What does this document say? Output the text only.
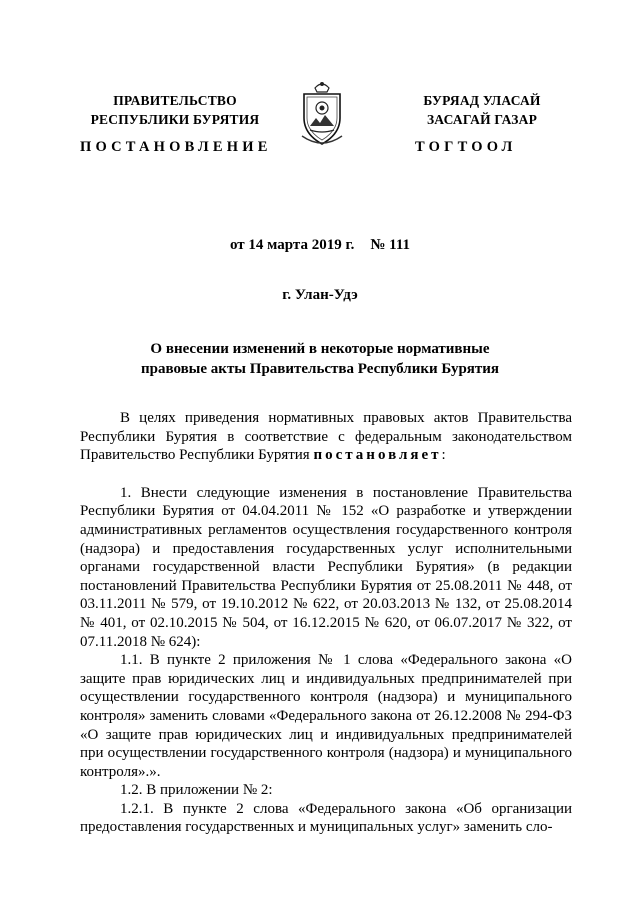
ПРАВИТЕЛЬСТВО
РЕСПУБЛИКИ БУРЯТИЯ
БУРЯАД УЛАСАЙ
ЗАСАГАЙ ГАЗАР
ПОСТАНОВЛЕНИЕ	ТОГТООЛ
от 14 марта 2019 г. № 111
г. Улан-Удэ
О внесении изменений в некоторые нормативные
правовые акты Правительства Республики Бурятия

В целях приведения нормативных правовых актов Правительства Республики Бурятия в соответствие с федеральным законодательством Правительство Республики Бурятия постановляет:

1. Внести следующие изменения в постановление Правительства Республики Бурятия от 04.04.2011 № 152 «О разработке и утверждении административных регламентов осуществления государственного контроля (надзора) и предоставления государственных услуг исполнительными органами государственной власти Республики Бурятия» (в редакции постановлений Правительства Республики Бурятия от 25.08.2011 № 448, от 03.11.2011 № 579, от 19.10.2012 № 622, от 20.03.2013 № 132, от 25.08.2014 № 401, от 02.10.2015 № 504, от 16.12.2015 № 620, от 06.07.2017 № 322, от 07.11.2018 № 624):

1.1. В пункте 2 приложения № 1 слова «Федерального закона «О защите прав юридических лиц и индивидуальных предпринимателей при осуществлении государственного контроля (надзора) и муниципального контроля» заменить словами «Федерального закона от 26.12.2008 № 294-ФЗ «О защите прав юридических лиц и индивидуальных предпринимателей при осуществлении государственного контроля (надзора) и муниципального контроля».».

1.2. В приложении № 2:

1.2.1. В пункте 2 слова «Федерального закона «Об организации предоставления государственных и муниципальных услуг» заменить сло-
